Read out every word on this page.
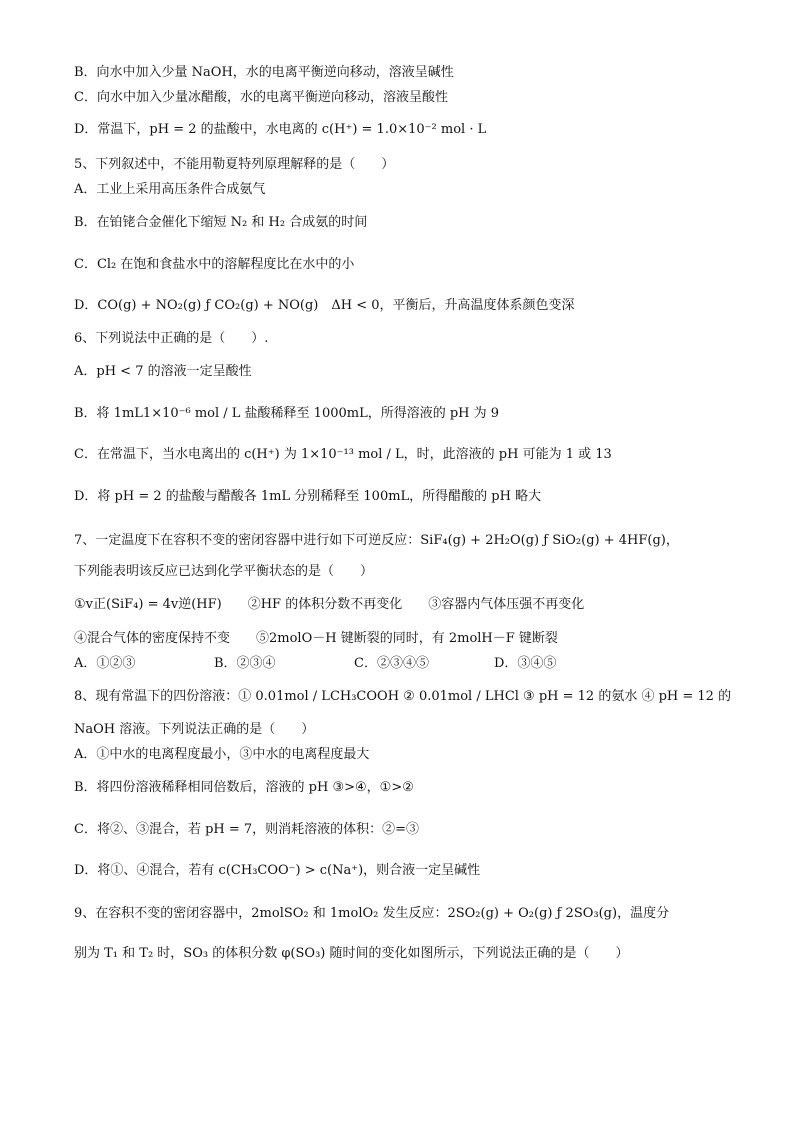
B．向水中加入少量 NaOH，水的电离平衡逆向移动，溶液呈碱性
C．向水中加入少量冰醋酸，水的电离平衡逆向移动，溶液呈酸性
D．常温下，pH = 2 的盐酸中，水电离的 c(H⁺) = 1.0×10⁻² mol · L
5、下列叙述中，不能用勒夏特列原理解释的是（　　）
A．工业上采用高压条件合成氨气
B．在铂铑合金催化下缩短 N₂ 和 H₂ 合成氨的时间
C．Cl₂ 在饱和食盐水中的溶解程度比在水中的小
D．CO(g) + NO₂(g) ƒ CO₂(g) + NO(g)　ΔH < 0，平衡后，升高温度体系颜色变深
6、下列说法中正确的是（　　）.
A．pH < 7 的溶液一定呈酸性
B．将 1mL1×10⁻⁶ mol / L 盐酸稀释至 1000mL，所得溶液的 pH 为 9
C．在常温下，当水电离出的 c(H⁺) 为 1×10⁻¹³ mol / L，时，此溶液的 pH 可能为 1 或 13
D．将 pH = 2 的盐酸与醋酸各 1mL 分别稀释至 100mL，所得醋酸的 pH 略大
7、一定温度下在容积不变的密闭容器中进行如下可逆反应：SiF₄(g) + 2H₂O(g) ƒ SiO₂(g) + 4HF(g)，
下列能表明该反应已达到化学平衡状态的是（　　）
①v正(SiF₄) = 4v逆(HF)　　②HF 的体积分数不再变化　　③容器内气体压强不再变化
④混合气体的密度保持不变　　⑤2molO－H 键断裂的同时，有 2molH－F 键断裂
A．①②③	B．②③④	C．②③④⑤	D．③④⑤
8、现有常温下的四份溶液：① 0.01mol / LCH₃COOH ② 0.01mol / LHCl ③ pH = 12 的氨水 ④ pH = 12 的
NaOH 溶液。下列说法正确的是（　　）
A．①中水的电离程度最小，③中水的电离程度最大
B．将四份溶液稀释相同倍数后，溶液的 pH ③>④，①>②
C．将②、③混合，若 pH = 7，则消耗溶液的体积：②=③
D．将①、④混合，若有 c(CH₃COO⁻) > c(Na⁺)，则合液一定呈碱性
9、在容积不变的密闭容器中，2molSO₂ 和 1molO₂ 发生反应：2SO₂(g) + O₂(g) ƒ 2SO₃(g)，温度分
别为 T₁ 和 T₂ 时，SO₃ 的体积分数 φ(SO₃) 随时间的变化如图所示，下列说法正确的是（　　）
